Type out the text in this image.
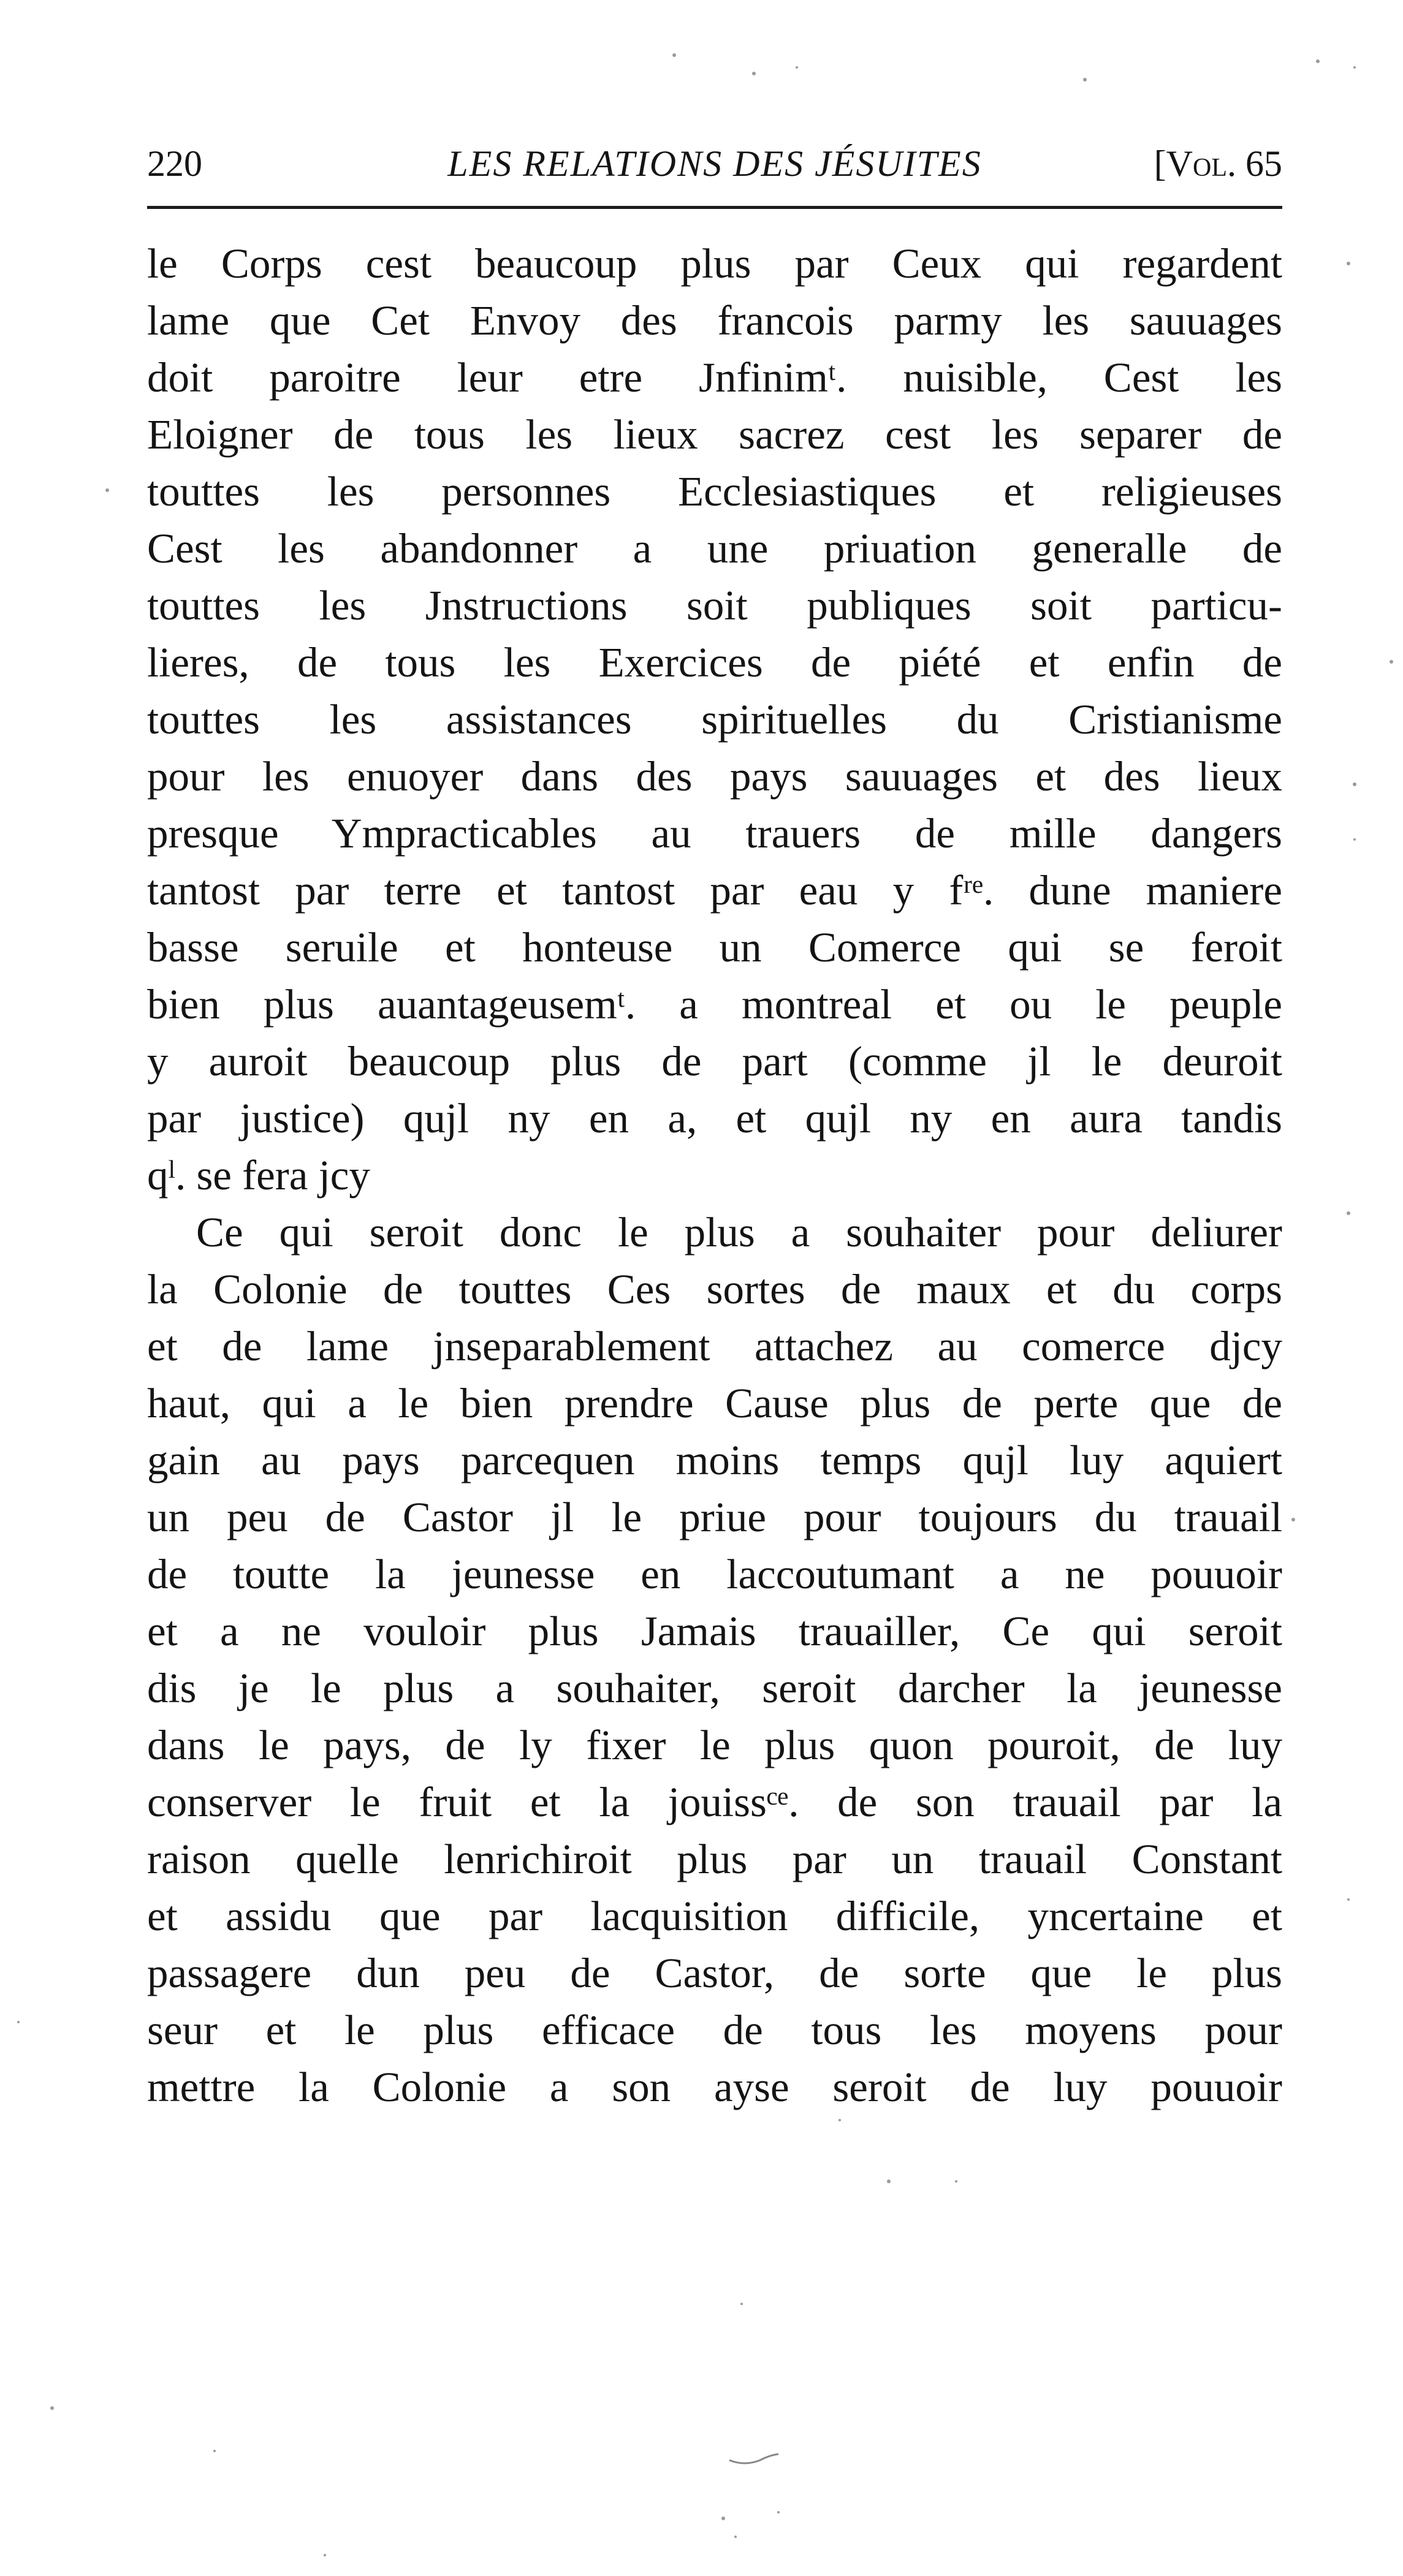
220	LES RELATIONS DES JÉSUITES	[Vol. 65
le Corps cest beaucoup plus par Ceux qui regardent
lame que Cet Envoy des francois parmy les sauuages
doit paroitre leur etre Jnfinimᵗ. nuisible, Cest les
Eloigner de tous les lieux sacrez cest les separer de
touttes les personnes Ecclesiastiques et religieuses
Cest les abandonner a une priuation generalle de
touttes les Jnstructions soit publiques soit particu-
lieres, de tous les Exercices de piété et enfin de
touttes les assistances spirituelles du Cristianisme
pour les enuoyer dans des pays sauuages et des lieux
presque Ympracticables au trauers de mille dangers
tantost par terre et tantost par eau y fʳᵉ. dune maniere
basse seruile et honteuse un Comerce qui se feroit
bien plus auantageusemᵗ. a montreal et ou le peuple
y auroit beaucoup plus de part (comme jl le deuroit
par justice) qujl ny en a, et qujl ny en aura tandis
qˡ. se fera jcy
Ce qui seroit donc le plus a souhaiter pour deliurer
la Colonie de touttes Ces sortes de maux et du corps
et de lame jnseparablement attachez au comerce djcy
haut, qui a le bien prendre Cause plus de perte que de
gain au pays parcequen moins temps qujl luy aquiert
un peu de Castor jl le priue pour toujours du trauail
de toutte la jeunesse en laccoutumant a ne pouuoir
et a ne vouloir plus Jamais trauailler, Ce qui seroit
dis je le plus a souhaiter, seroit darcher la jeunesse
dans le pays, de ly fixer le plus quon pouroit, de luy
conserver le fruit et la jouissᶜᵉ. de son trauail par la
raison quelle lenrichiroit plus par un trauail Constant
et assidu que par lacquisition difficile, yncertaine et
passagere dun peu de Castor, de sorte que le plus
seur et le plus efficace de tous les moyens pour
mettre la Colonie a son ayse seroit de luy pouuoir
